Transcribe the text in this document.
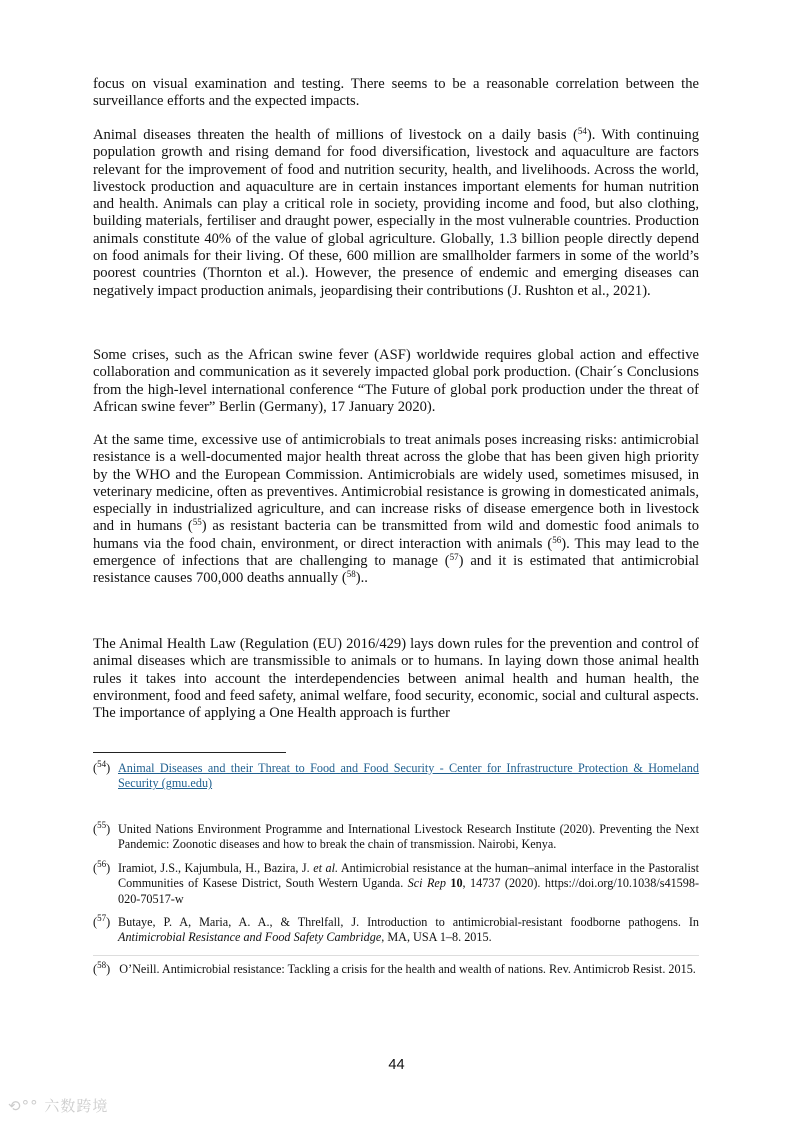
focus on visual examination and testing. There seems to be a reasonable correlation between the surveillance efforts and the expected impacts.

Animal diseases threaten the health of millions of livestock on a daily basis ($^{54}$). With continuing population growth and rising demand for food diversification, livestock and aquaculture are factors relevant for the improvement of food and nutrition security, health, and livelihoods. Across the world, livestock production and aquaculture are in certain instances important elements for human nutrition and health. Animals can play a critical role in society, providing income and food, but also clothing, building materials, fertiliser and draught power, especially in the most vulnerable countries. Production animals constitute 40% of the value of global agriculture. Globally, 1.3 billion people directly depend on food animals for their living. Of these, 600 million are smallholder farmers in some of the world’s poorest countries (Thornton et al.). However, the presence of endemic and emerging diseases can negatively impact production animals, jeopardising their contributions (J. Rushton et al., 2021).

Some crises, such as the African swine fever (ASF) worldwide requires global action and effective collaboration and communication as it severely impacted global pork production. (Chair´s Conclusions from the high-level international conference “The Future of global pork production under the threat of African swine fever” Berlin (Germany), 17 January 2020).

At the same time, excessive use of antimicrobials to treat animals poses increasing risks: antimicrobial resistance is a well-documented major health threat across the globe that has been given high priority by the WHO and the European Commission. Antimicrobials are widely used, sometimes misused, in veterinary medicine, often as preventives. Antimicrobial resistance is growing in domesticated animals, especially in industrialized agriculture, and can increase risks of disease emergence both in livestock and in humans ($^{55}$) as resistant bacteria can be transmitted from wild and domestic food animals to humans via the food chain, environment, or direct interaction with animals ($^{56}$). This may lead to the emergence of infections that are challenging to manage ($^{57}$) and it is estimated that antimicrobial resistance causes 700,000 deaths annually ($^{58}$)..

The Animal Health Law (Regulation (EU) 2016/429) lays down rules for the prevention and control of animal diseases which are transmissible to animals or to humans. In laying down those animal health rules it takes into account the interdependencies between animal health and human health, the environment, food and feed safety, animal welfare, food security, economic, social and cultural aspects. The importance of applying a One Health approach is further

($^{54}$) Animal Diseases and their Threat to Food and Food Security - Center for Infrastructure Protection & Homeland Security (gmu.edu)
($^{55}$) United Nations Environment Programme and International Livestock Research Institute (2020). Preventing the Next Pandemic: Zoonotic diseases and how to break the chain of transmission. Nairobi, Kenya.
($^{56}$) Iramiot, J.S., Kajumbula, H., Bazira, J. et al. Antimicrobial resistance at the human–animal interface in the Pastoralist Communities of Kasese District, South Western Uganda. Sci Rep 10, 14737 (2020). https://doi.org/10.1038/s41598-020-70517-w
($^{57}$) Butaye, P. A, Maria, A. A., & Threlfall, J. Introduction to antimicrobial-resistant foodborne pathogens. In Antimicrobial Resistance and Food Safety Cambridge, MA, USA 1–8. 2015.
($^{58}$)   O’Neill. Antimicrobial resistance: Tackling a crisis for the health and wealth of nations. Rev. Antimicrob Resist. 2015.
44
⟲°° 六数跨境
